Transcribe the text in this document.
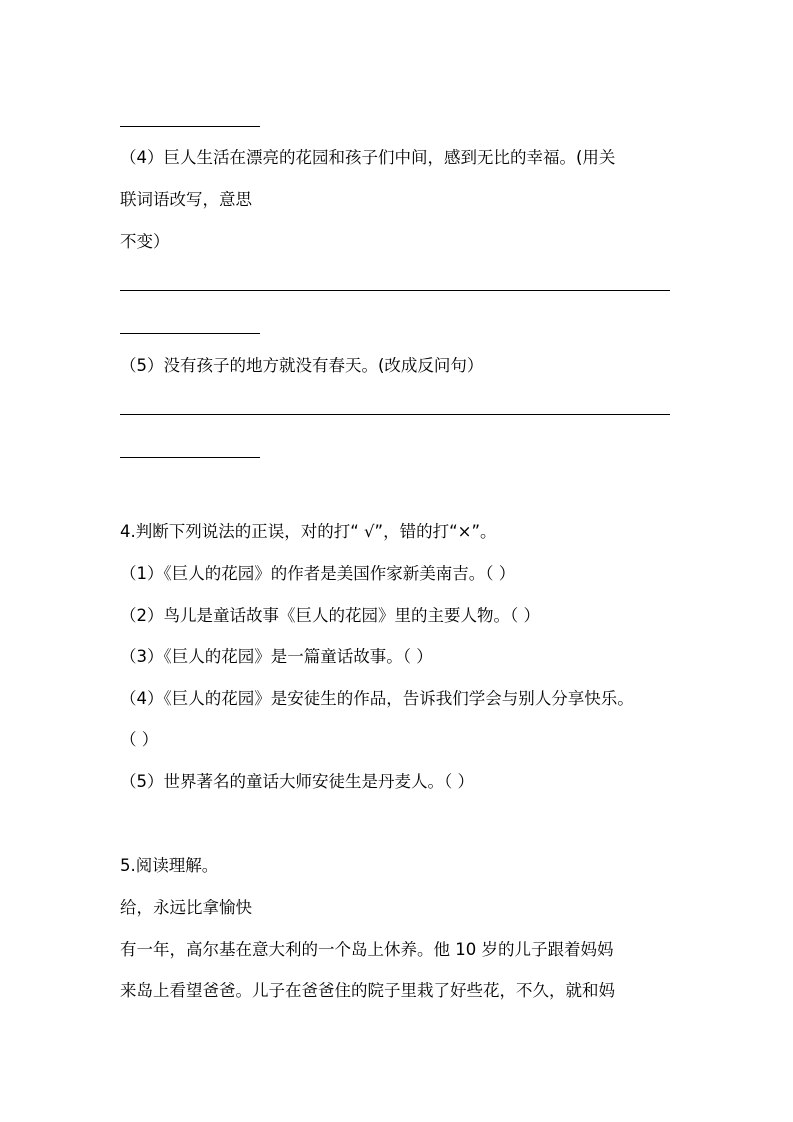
（4）巨人生活在漂亮的花园和孩子们中间，感到无比的幸福。(用关
联词语改写，意思
不变）
（5）没有孩子的地方就没有春天。(改成反问句）
4.判断下列说法的正误，对的打“ √”，错的打“×”。
（1）《巨人的花园》的作者是美国作家新美南吉。（ ）
（2）鸟儿是童话故事《巨人的花园》里的主要人物。（ ）
（3）《巨人的花园》是一篇童话故事。（ ）
（4）《巨人的花园》是安徒生的作品，告诉我们学会与别人分享快乐。
（ ）
（5）世界著名的童话大师安徒生是丹麦人。（ ）
5.阅读理解。
给，永远比拿愉快
有一年，高尔基在意大利的一个岛上休养。他 10 岁的儿子跟着妈妈
来岛上看望爸爸。儿子在爸爸住的院子里栽了好些花，不久，就和妈
